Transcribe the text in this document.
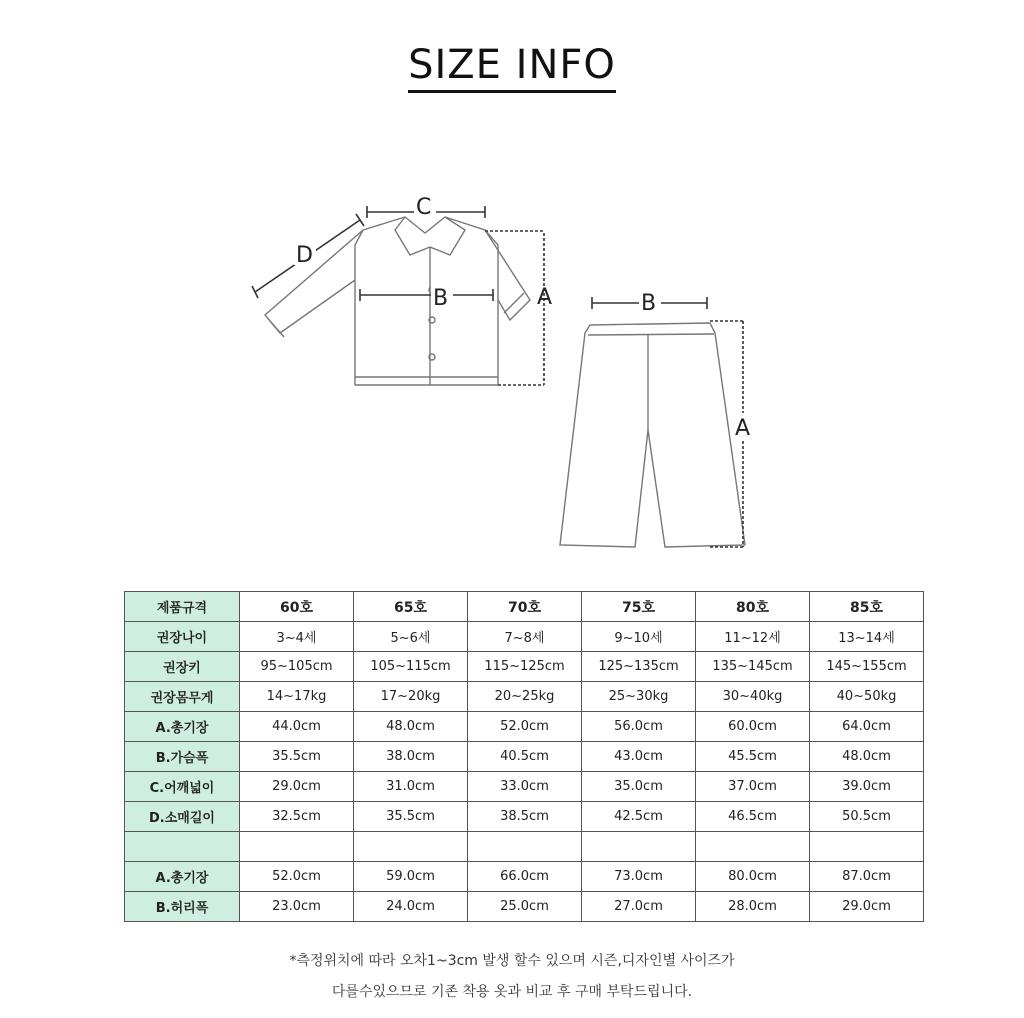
SIZE INFO
C
D
B	A	B
A
제품규격	60호	65호	70호	75호	80호	85호
권장나이	3~4세	5~6세	7~8세	9~10세	11~12세	13~14세
권장키	95~105cm	105~115cm	115~125cm	125~135cm	135~145cm	145~155cm
권장몸무게	14~17kg	17~20kg	20~25kg	25~30kg	30~40kg	40~50kg
A.총기장	44.0cm	48.0cm	52.0cm	56.0cm	60.0cm	64.0cm
B.가슴폭	35.5cm	38.0cm	40.5cm	43.0cm	45.5cm	48.0cm
C.어깨넓이	29.0cm	31.0cm	33.0cm	35.0cm	37.0cm	39.0cm
D.소매길이	32.5cm	35.5cm	38.5cm	42.5cm	46.5cm	50.5cm

A.총기장	52.0cm	59.0cm	66.0cm	73.0cm	80.0cm	87.0cm
B.허리폭	23.0cm	24.0cm	25.0cm	27.0cm	28.0cm	29.0cm
*측정위치에 따라 오차1~3cm 발생 할수 있으며 시즌,디자인별 사이즈가
다를수있으므로 기존 착용 옷과 비교 후 구매 부탁드립니다.
